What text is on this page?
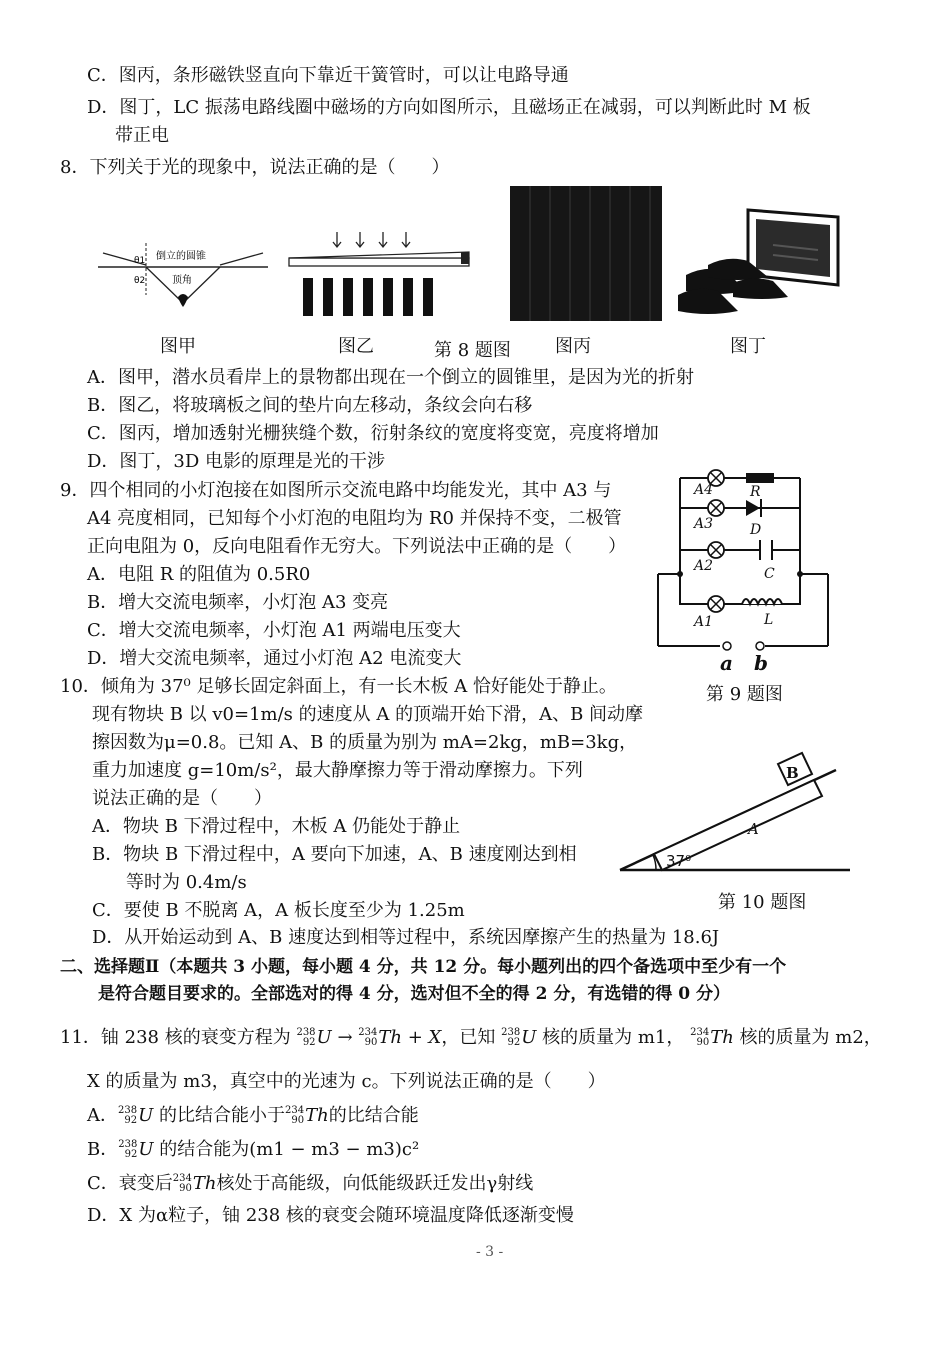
C．图丙，条形磁铁竖直向下靠近干簧管时，可以让电路导通
D．图丁，LC 振荡电路线圈中磁场的方向如图所示，且磁场正在减弱，可以判断此时 M 板
带正电
8．下列关于光的现象中，说法正确的是（　　）
θ1
θ2
倒立的圆锥
顶角
图甲	图乙	第 8 题图 图丙	图丁
A．图甲，潜水员看岸上的景物都出现在一个倒立的圆锥里，是因为光的折射
B．图乙，将玻璃板之间的垫片向左移动，条纹会向右移
C．图丙，增加透射光栅狭缝个数，衍射条纹的宽度将变宽，亮度将增加
D．图丁，3D 电影的原理是光的干涉
9．四个相同的小灯泡接在如图所示交流电路中均能发光，其中 A3 与
A4 亮度相同，已知每个小灯泡的电阻均为 R0 并保持不变，二极管
正向电阻为 0，反向电阻看作无穷大。下列说法中正确的是（　　）
A．电阻 R 的阻值为 0.5R0
B．增大交流电频率，小灯泡 A3 变亮
C．增大交流电频率，小灯泡 A1 两端电压变大
D．增大交流电频率，通过小灯泡 A2 电流变大
A4
A3
A2
A1
R
D
C
L
a b
第 9 题图
10．倾角为 37⁰ 足够长固定斜面上，有一长木板 A 恰好能处于静止。
现有物块 B 以 v0=1m/s 的速度从 A 的顶端开始下滑，A、B 间动摩
擦因数为μ=0.8。已知 A、B 的质量为别为 mA=2kg，mB=3kg，
重力加速度 g=10m/s²，最大静摩擦力等于滑动摩擦力。下列
说法正确的是（　　）
A．物块 B 下滑过程中，木板 A 仍能处于静止
B．物块 B 下滑过程中，A 要向下加速，A、B 速度刚达到相
等时为 0.4m/s
C．要使 B 不脱离 A，A 板长度至少为 1.25m
D．从开始运动到 A、B 速度达到相等过程中，系统因摩擦产生的热量为 18.6J
B
A
37⁰
第 10 题图
二、选择题Ⅱ（本题共 3 小题，每小题 4 分，共 12 分。每小题列出的四个备选项中至少有一个
是符合题目要求的。全部选对的得 4 分，选对但不全的得 2 分，有选错的得 0 分）
11．铀 238 核的衰变方程为 238
92U → 234
90Th + X，已知 238
92U 核的质量为 m1， 234
90Th 核的质量为 m2，
X 的质量为 m3，真空中的光速为 c。下列说法正确的是（　　）
A．238
92U 的比结合能小于234
90Th的比结合能
B．238
92U 的结合能为(m1 − m3 − m3)c²
C．衰变后234
90Th核处于高能级，向低能级跃迁发出γ射线
D．X 为α粒子，铀 238 核的衰变会随环境温度降低逐渐变慢
- 3 -
